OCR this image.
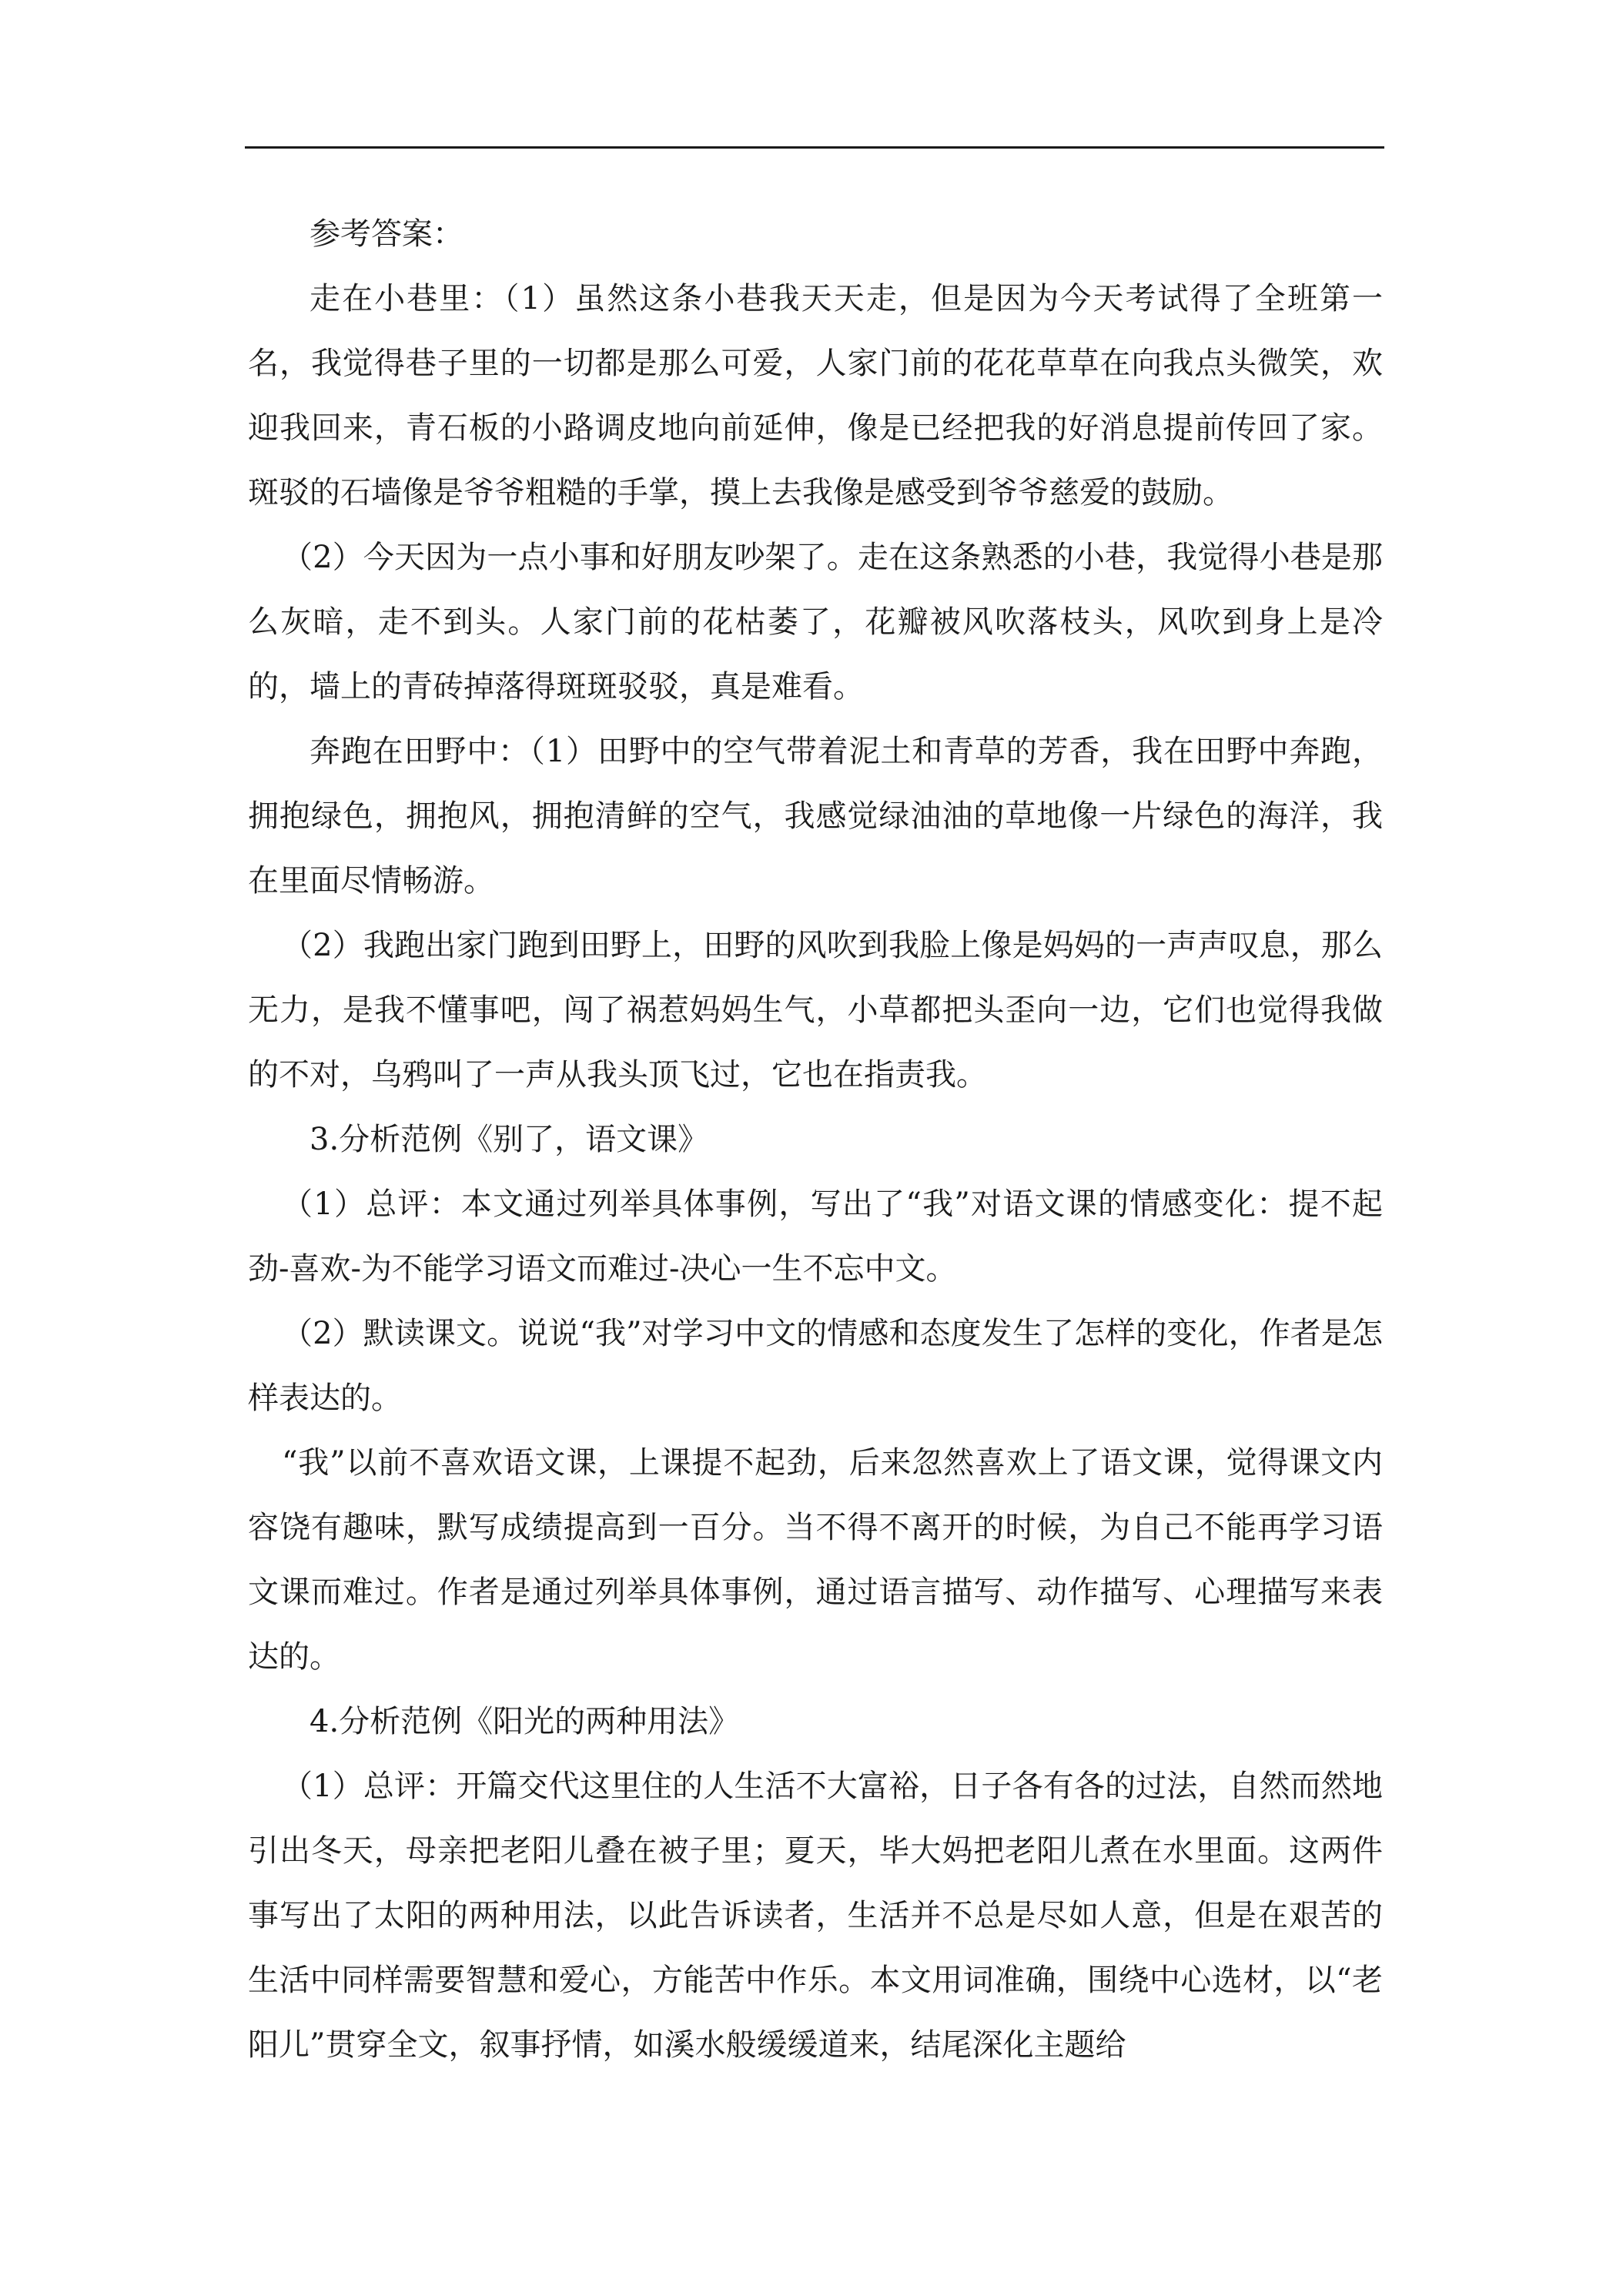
参考答案：

走在小巷里：（1）虽然这条小巷我天天走，但是因为今天考试得了全班第一名，我觉得巷子里的一切都是那么可爱，人家门前的花花草草在向我点头微笑，欢迎我回来，青石板的小路调皮地向前延伸，像是已经把我的好消息提前传回了家。斑驳的石墙像是爷爷粗糙的手掌，摸上去我像是感受到爷爷慈爱的鼓励。

（2）今天因为一点小事和好朋友吵架了。走在这条熟悉的小巷，我觉得小巷是那么灰暗，走不到头。人家门前的花枯萎了，花瓣被风吹落枝头，风吹到身上是冷的，墙上的青砖掉落得斑斑驳驳，真是难看。

奔跑在田野中：（1）田野中的空气带着泥土和青草的芳香，我在田野中奔跑，拥抱绿色，拥抱风，拥抱清鲜的空气，我感觉绿油油的草地像一片绿色的海洋，我在里面尽情畅游。

（2）我跑出家门跑到田野上，田野的风吹到我脸上像是妈妈的一声声叹息，那么无力，是我不懂事吧，闯了祸惹妈妈生气，小草都把头歪向一边，它们也觉得我做的不对，乌鸦叫了一声从我头顶飞过，它也在指责我。

3.分析范例《别了，语文课》

（1）总评：本文通过列举具体事例，写出了“我”对语文课的情感变化：提不起劲-喜欢-为不能学习语文而难过-决心一生不忘中文。

（2）默读课文。说说“我”对学习中文的情感和态度发生了怎样的变化，作者是怎样表达的。

“我”以前不喜欢语文课，上课提不起劲，后来忽然喜欢上了语文课，觉得课文内容饶有趣味，默写成绩提高到一百分。当不得不离开的时候，为自己不能再学习语文课而难过。作者是通过列举具体事例，通过语言描写、动作描写、心理描写来表达的。

4.分析范例《阳光的两种用法》

（1）总评：开篇交代这里住的人生活不大富裕，日子各有各的过法，自然而然地引出冬天，母亲把老阳儿叠在被子里；夏天，毕大妈把老阳儿煮在水里面。这两件事写出了太阳的两种用法，以此告诉读者，生活并不总是尽如人意，但是在艰苦的生活中同样需要智慧和爱心，方能苦中作乐。本文用词准确，围绕中心选材，以“老阳儿”贯穿全文，叙事抒情，如溪水般缓缓道来，结尾深化主题给
